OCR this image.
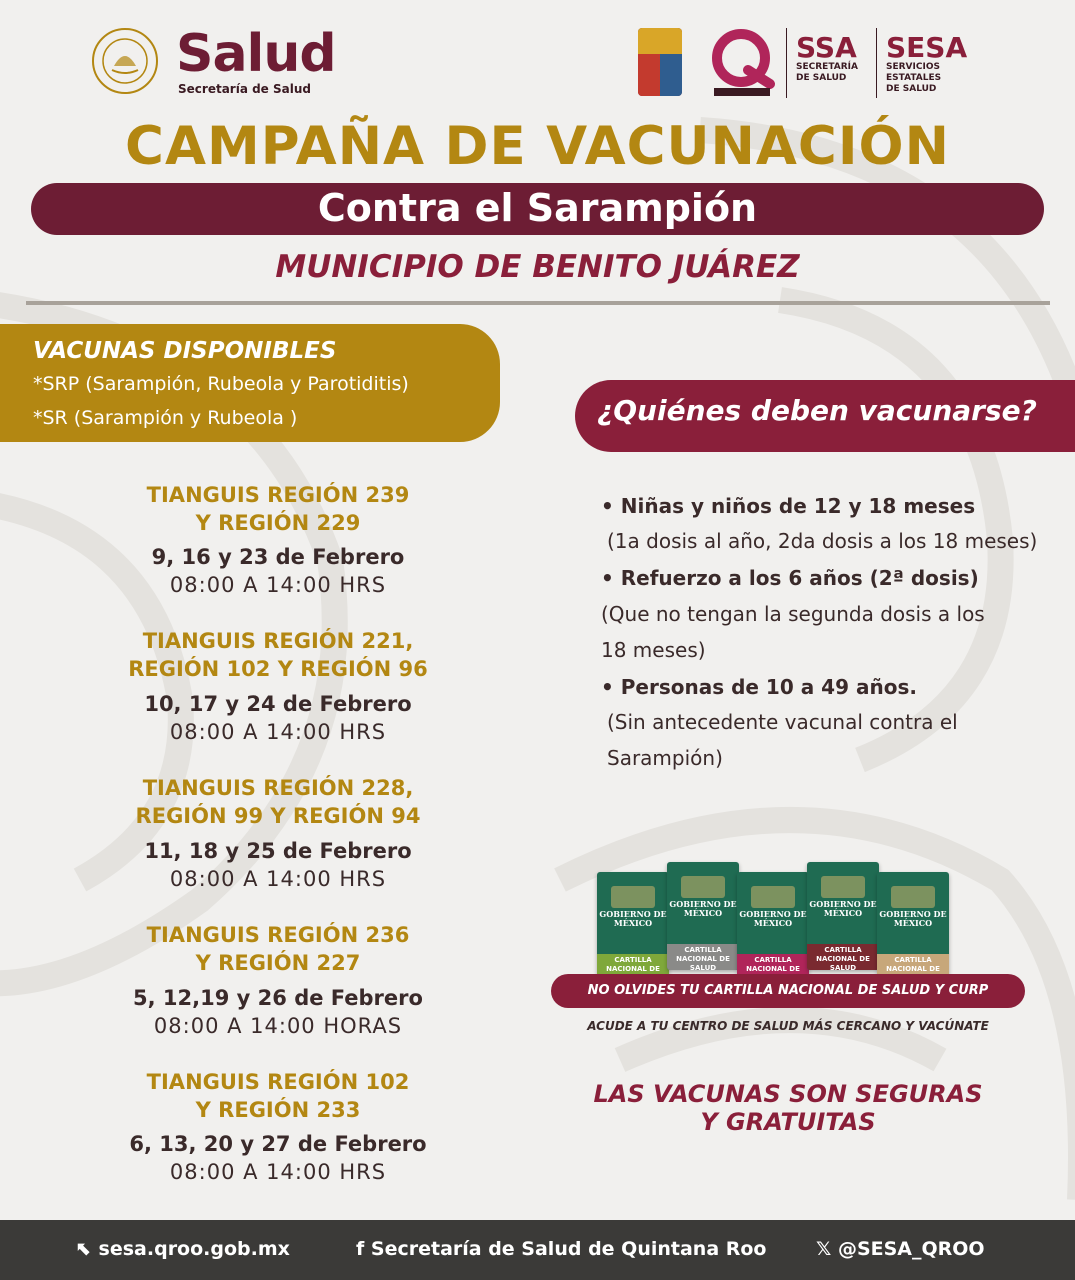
Salud
Secretaría de Salud
SSA
SECRETARÍA
DE SALUD
SESA
SERVICIOS ESTATALES
DE SALUD
CAMPAÑA DE VACUNACIÓN
Contra el Sarampión
MUNICIPIO DE BENITO JUÁREZ
VACUNAS DISPONIBLES
*SRP (Sarampión, Rubeola y Parotiditis)
*SR (Sarampión y Rubeola )	¿Quiénes deben vacunarse?
TIANGUIS REGIÓN 239
Y REGIÓN 229
9, 16 y 23 de Febrero
08:00 A 14:00 HRS
TIANGUIS REGIÓN 221,
REGIÓN 102 Y REGIÓN 96
10, 17 y 24 de Febrero
08:00 A 14:00 HRS
TIANGUIS REGIÓN 228,
REGIÓN 99 Y REGIÓN 94
11, 18 y 25 de Febrero
08:00 A 14:00 HRS
TIANGUIS REGIÓN 236
Y REGIÓN 227
5, 12,19 y 26 de Febrero
08:00 A 14:00 HORAS
TIANGUIS REGIÓN 102
Y REGIÓN 233
6, 13, 20 y 27 de Febrero
08:00 A 14:00 HRS
• Niñas y niños de 12 y 18 meses
(1a dosis al año, 2da dosis a los 18 meses)
• Refuerzo a los 6 años (2ª dosis)
(Que no tengan la segunda dosis a los
18 meses)
• Personas de 10 a 49 años.
(Sin antecedente vacunal contra el
Sarampión)
GOBIERNO DE MÉXICO
CARTILLA NACIONAL DE
GOBIERNO DE MÉXICO
CARTILLA NACIONAL DE SALUD
GOBIERNO DE MÉXICO
CARTILLA NACIONAL DE
GOBIERNO DE MÉXICO
CARTILLA NACIONAL DE SALUD
GOBIERNO DE MÉXICO
CARTILLA NACIONAL DE
NO OLVIDES TU CARTILLA NACIONAL DE SALUD Y CURP
ACUDE A TU CENTRO DE SALUD MÁS CERCANO Y VACÚNATE
LAS VACUNAS SON SEGURAS
Y GRATUITAS
⬉ sesa.qroo.gob.mx	f Secretaría de Salud de Quintana Roo	𝕏 @SESA_QROO
